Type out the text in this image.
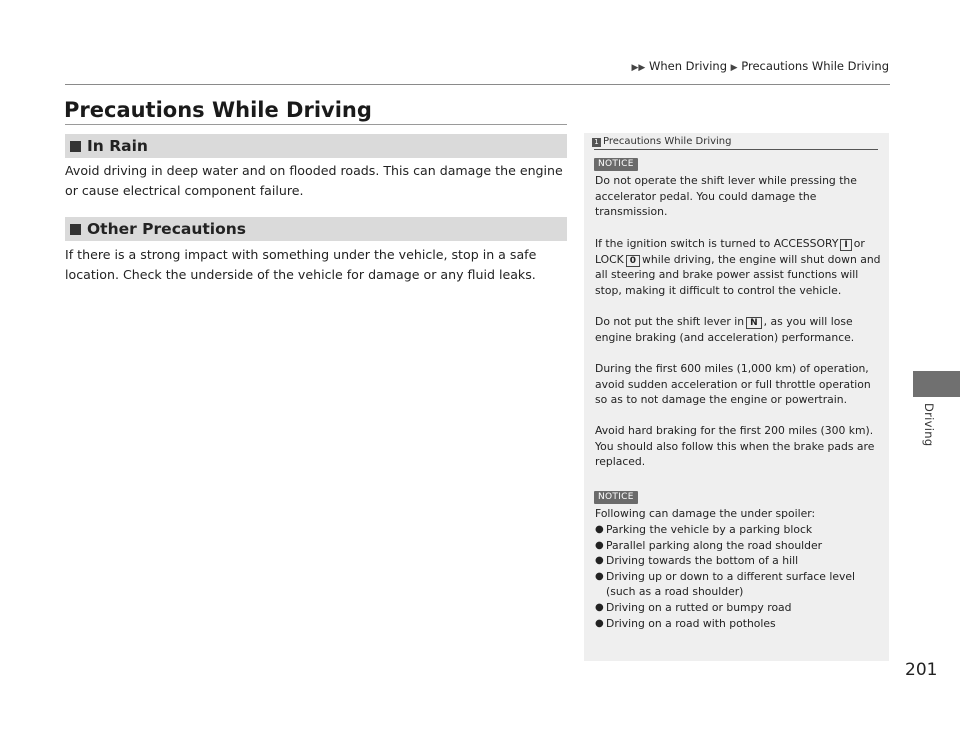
▶▶ When Driving ▶ Precautions While Driving
Precautions While Driving
In Rain

Avoid driving in deep water and on flooded roads. This can damage the engine or cause electrical component failure.

Other Precautions

If there is a strong impact with something under the vehicle, stop in a safe location. Check the underside of the vehicle for damage or any fluid leaks.

1 Precautions While Driving
NOTICE

Do not operate the shift lever while pressing the accelerator pedal. You could damage the transmission.

If the ignition switch is turned to ACCESSORY I or LOCK 0 while driving, the engine will shut down and all steering and brake power assist functions will stop, making it difficult to control the vehicle.

Do not put the shift lever in N , as you will lose engine braking (and acceleration) performance.

During the first 600 miles (1,000 km) of operation, avoid sudden acceleration or full throttle operation so as to not damage the engine or powertrain.

Avoid hard braking for the first 200 miles (300 km). You should also follow this when the brake pads are replaced.

NOTICE

Following can damage the under spoiler:

● Parking the vehicle by a parking block
● Parallel parking along the road shoulder
● Driving towards the bottom of a hill
● Driving up or down to a different surface level (such as a road shoulder)
● Driving on a rutted or bumpy road
● Driving on a road with potholes
Driving
201
